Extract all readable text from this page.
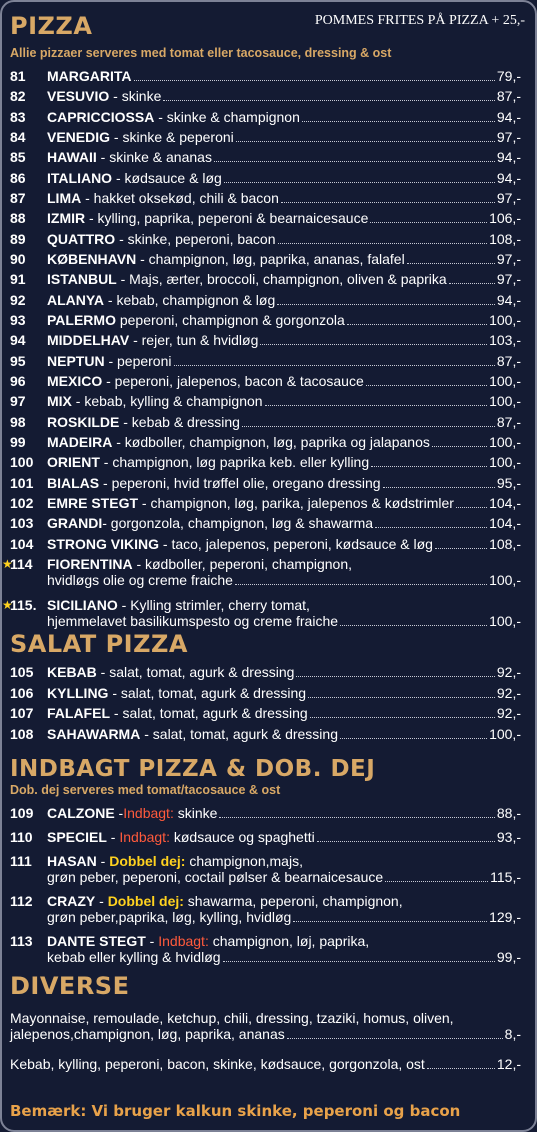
PIZZA	POMMES FRITES PÅ PIZZA + 25,-
Allie pizzaer serveres med tomat eller tacosauce, dressing & ost
81	MARGARITA	79,-
82	VESUVIO - skinke	87,-
83	CAPRICCIOSSA - skinke & champignon	94,-
84	VENEDIG - skinke & peperoni	97,-
85	HAWAII - skinke & ananas	94,-
86	ITALIANO - kødsauce & løg	94,-
87	LIMA - hakket oksekød, chili & bacon	97,-
88	IZMIR - kylling, paprika, peperoni & bearnaicesauce	106,-
89	QUATTRO - skinke, peperoni, bacon	108,-
90	KØBENHAVN - champignon, løg, paprika, ananas, falafel	97,-
91	ISTANBUL - Majs, ærter, broccoli, champignon, oliven & paprika	97,-
92	ALANYA - kebab, champignon & løg	94,-
93	PALERMO peperoni, champignon & gorgonzola	100,-
94	MIDDELHAV - rejer, tun & hvidløg	103,-
95	NEPTUN - peperoni	87,-
96	MEXICO - peperoni, jalepenos, bacon & tacosauce	100,-
97	MIX - kebab, kylling & champignon	100,-
98	ROSKILDE - kebab & dressing	87,-
99	MADEIRA - kødboller, champignon, løg, paprika og jalapanos	100,-
100 ORIENT - champignon, løg paprika keb. eller kylling	100,-
101 BIALAS - peperoni, hvid trøffel olie, oregano dressing	95,-
102 EMRE STEGT - champignon, løg, parika, jalepenos & kødstrimler	104,-
103 GRANDI- gorgonzola, champignon, løg & shawarma	104,-
104 STRONG VIKING - taco, jalepenos, peperoni, kødsauce & løg	108,-
★
114	FIORENTINA - kødboller, peperoni, champignon,
hvidløgs olie og creme fraiche	100,-
★
115. SICILIANO - Kylling strimler, cherry tomat,
hjemmelavet basilikumspesto og creme fraiche	100,-
SALAT PIZZA
105 KEBAB - salat, tomat, agurk & dressing	92,-
106 KYLLING - salat, tomat, agurk & dressing	92,-
107 FALAFEL - salat, tomat, agurk & dressing	92,-
108 SAHAWARMA - salat, tomat, agurk & dressing	100,-
INDBAGT PIZZA & DOB. DEJ
Dob. dej serveres med tomat/tacosauce & ost
109 CALZONE -Indbagt: skinke	88,-
110	SPECIEL - Indbagt: kødsauce og spaghetti	93,-
111	HASAN - Dobbel dej: champignon,majs,
grøn peber, peperoni, coctail pølser & bearnaicesauce	115,-
112	CRAZY - Dobbel dej: shawarma, peperoni, champignon,
grøn peber,paprika, løg, kylling, hvidløg	129,-
113	DANTE STEGT - Indbagt: champignon, løj, paprika,
kebab eller kylling & hvidløg	99,-
DIVERSE
Mayonnaise, remoulade, ketchup, chili, dressing, tzaziki, homus, oliven,
jalepenos,champignon, løg, paprika, ananas	8,-
Kebab, kylling, peperoni, bacon, skinke, kødsauce, gorgonzola, ost	12,-
Bemærk: Vi bruger kalkun skinke, peperoni og bacon
